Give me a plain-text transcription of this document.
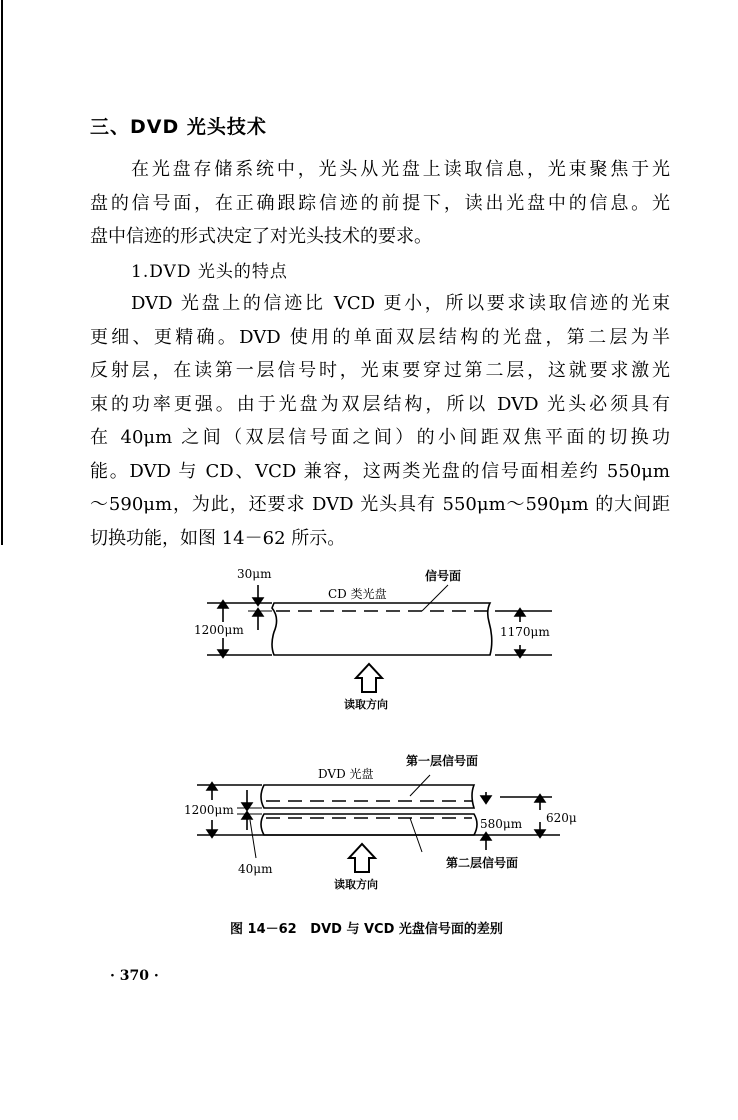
三、DVD 光头技术
在光盘存储系统中，光头从光盘上读取信息，光束聚焦于光
盘的信号面，在正确跟踪信迹的前提下，读出光盘中的信息。光
盘中信迹的形式决定了对光头技术的要求。
1.DVD 光头的特点
DVD 光盘上的信迹比 VCD 更小，所以要求读取信迹的光束
更细、更精确。DVD 使用的单面双层结构的光盘，第二层为半
反射层，在读第一层信号时，光束要穿过第二层，这就要求激光
束的功率更强。由于光盘为双层结构，所以 DVD 光头必须具有
在 40μm 之间（双层信号面之间）的小间距双焦平面的切换功
能。DVD 与 CD、VCD 兼容，这两类光盘的信号面相差约 550μm
～590μm，为此，还要求 DVD 光头具有 550μm～590μm 的大间距
切换功能，如图 14－62 所示。
30μm
CD 类光盘
信号面
1200μm	1170μm
读取方向
DVD 光盘
第一层信号面
1200μm
580μm 620μ
40μm	第二层信号面
读取方向
图 14－62   DVD 与 VCD 光盘信号面的差别
· 370 ·
